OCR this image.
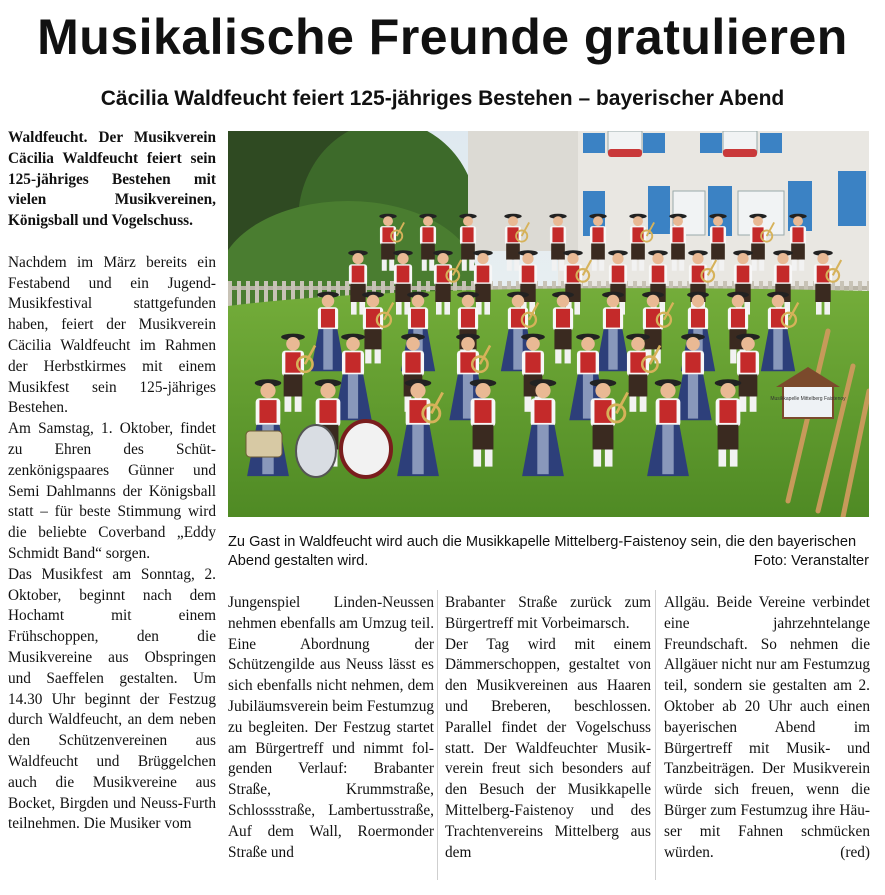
Musikalische Freunde gratulieren
Cäcilia Waldfeucht feiert 125-jähriges Bestehen – bayerischer Abend

Waldfeucht. Der Musikverein Cäcilia Waldfeucht feiert sein 125-jähriges Bestehen mit vielen Musikvereinen, Königsball und Vogelschuss.

Nachdem im März bereits ein Festabend und ein Jugend-Musikfestival stattgefunden haben, feiert der Musikverein Cäcilia Waldfeucht im Rahmen der Herbstkirmes mit einem Musikfest sein 125-jähriges Bestehen.

Am Samstag, 1. Oktober, findet zu Ehren des Schützenkönigspaares Günner und Semi Dahlmanns der Königsball statt – für beste Stimmung wird die beliebte Coverband „Eddy Schmidt Band“ sorgen.

Das Musikfest am Sonntag, 2. Oktober, beginnt nach dem Hochamt mit einem Frühschoppen, den die Musikvereine aus Obspringen und Saeffelen gestalten. Um 14.30 Uhr beginnt der Festzug durch Waldfeucht, an dem neben den Schützenvereinen aus Waldfeucht und Brüggelchen auch die Musikvereine aus Bocket, Birgden und Neuss-Furth teilnehmen. Die Musiker vom

Musikkapelle Mittelberg Faistenoy
Zu Gast in Waldfeucht wird auch die Musikkapelle Mittelberg-Faistenoy sein, die den bayerischen Abend gestalten wird.	Foto: Veranstalter

Jungenspiel Linden-Neussen nehmen ebenfalls am Umzug teil. Eine Abordnung der Schützengilde aus Neuss lässt es sich ebenfalls nicht nehmen, dem Jubiläumsverein beim Festumzug zu begleiten. Der Festzug startet am Bürgertreff und nimmt folgenden Verlauf: Brabanter Straße, Krummstraße, Schlossstraße, Lambertusstraße, Auf dem Wall, Roermonder Straße und

Brabanter Straße zurück zum Bürgertreff mit Vorbeimarsch.

Der Tag wird mit einem Dämmerschoppen, gestaltet von den Musikvereinen aus Haaren und Breberen, beschlossen. Parallel findet der Vogelschuss statt. Der Waldfeuchter Musikverein freut sich besonders auf den Besuch der Musikkapelle Mittelberg-Faistenoy und des Trachtenvereins Mittelberg aus dem

Allgäu. Beide Vereine verbindet eine jahrzehntelange Freundschaft. So nehmen die Allgäuer nicht nur am Festumzug teil, sondern sie gestalten am 2. Oktober ab 20 Uhr auch einen bayerischen Abend im Bürgertreff mit Musik- und Tanzbeiträgen. Der Musikverein würde sich freuen, wenn die Bürger zum Festumzug ihre Häuser mit Fahnen schmücken würden.	(red)
